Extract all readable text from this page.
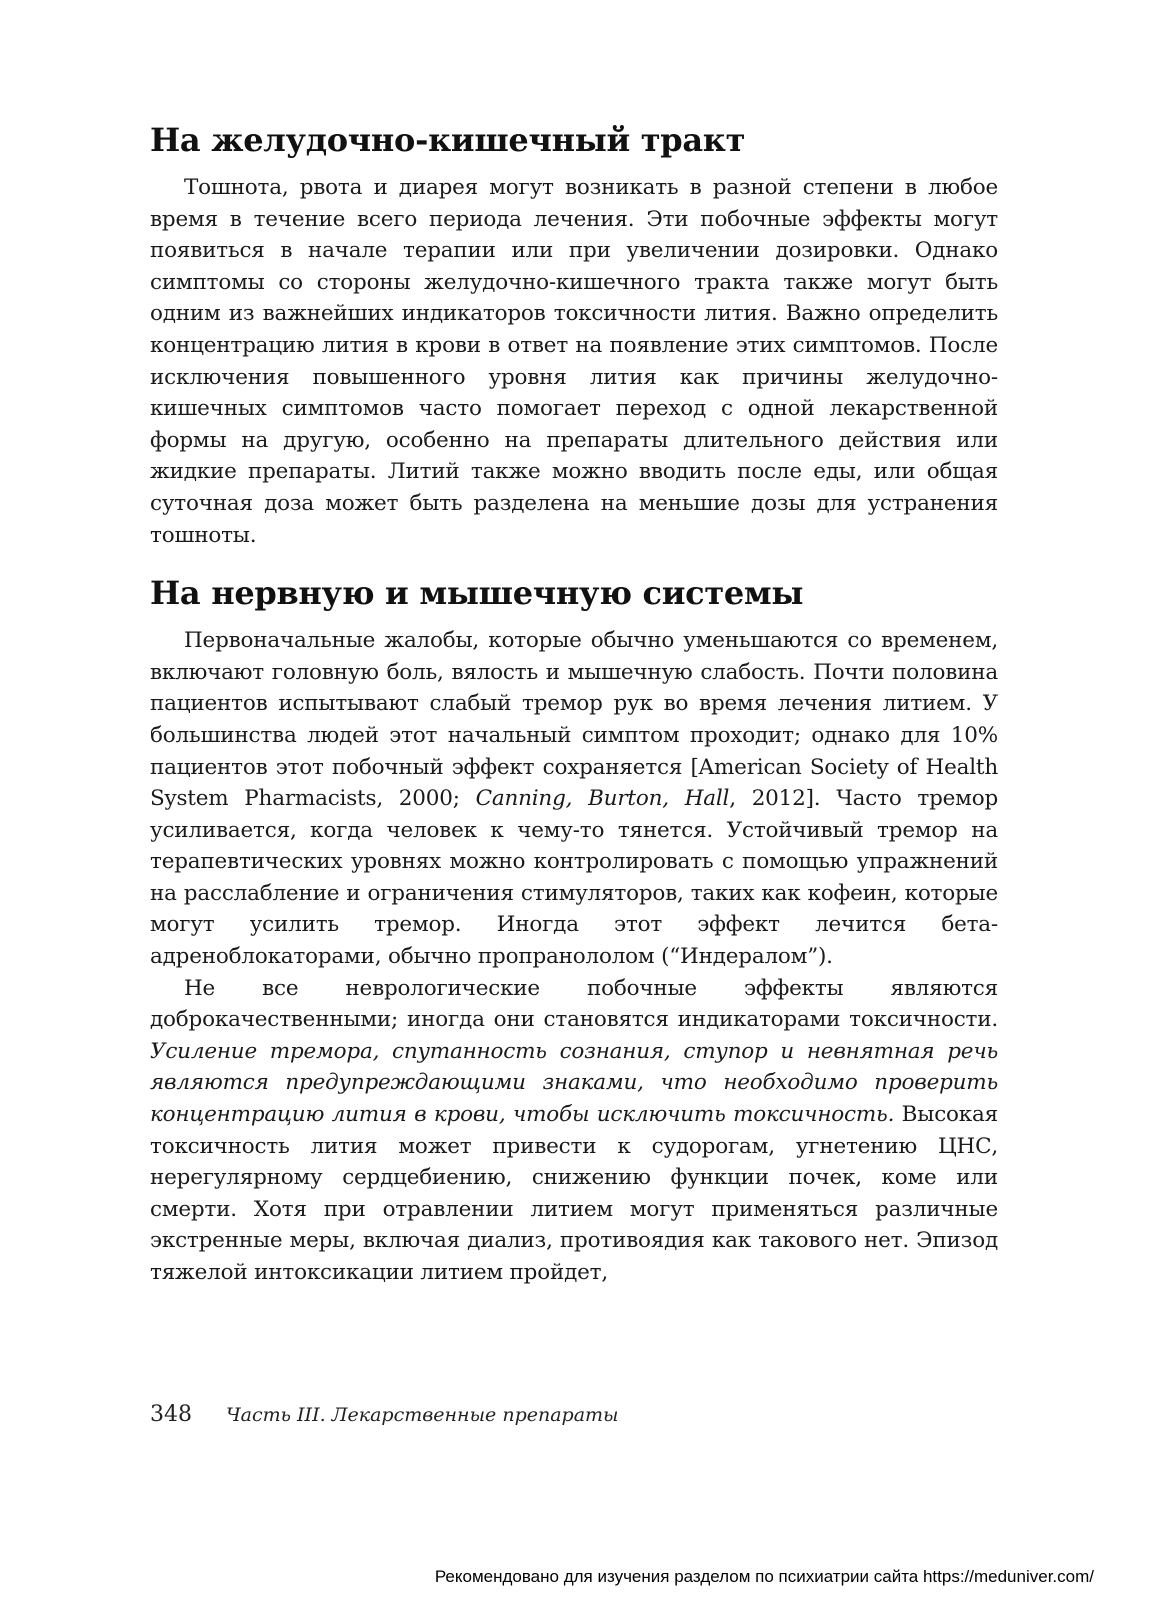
На желудочно-кишечный тракт

Тошнота, рвота и диарея могут возникать в разной степени в любое время в течение всего периода лечения. Эти побочные эффекты могут появиться в начале терапии или при увеличении дозировки. Однако симптомы со стороны желудочно-кишечного тракта также могут быть одним из важнейших индикаторов токсичности лития. Важно определить концентрацию лития в крови в ответ на появление этих симптомов. После исключения повышенного уровня лития как причины желудочно-кишечных симптомов часто помогает переход с одной лекарственной формы на другую, особенно на препараты длительного действия или жидкие препараты. Литий также можно вводить после еды, или общая суточная доза может быть разделена на меньшие дозы для устранения тошноты.

На нервную и мышечную системы

Первоначальные жалобы, которые обычно уменьшаются со временем, включают головную боль, вялость и мышечную слабость. Почти половина пациентов испытывают слабый тремор рук во время лечения литием. У большинства людей этот начальный симптом проходит; однако для 10% пациентов этот побочный эффект сохраняется [American Society of Health System Pharmacists, 2000; Canning, Burton, Hall, 2012]. Часто тремор усиливается, когда человек к чему-то тянется. Устойчивый тремор на терапевтических уровнях можно контролировать с помощью упражнений на расслабление и ограничения стимуляторов, таких как кофеин, которые могут усилить тремор. Иногда этот эффект лечится бета-адреноблокаторами, обычно пропранололом (“Индералом”).

Не все неврологические побочные эффекты являются доброкачественными; иногда они становятся индикаторами токсичности. Усиление тремора, спутанность сознания, ступор и невнятная речь являются предупреждающими знаками, что необходимо проверить концентрацию лития в крови, чтобы исключить токсичность. Высокая токсичность лития может привести к судорогам, угнетению ЦНС, нерегулярному сердцебиению, снижению функции почек, коме или смерти. Хотя при отравлении литием могут применяться различные экстренные меры, включая диализ, противоядия как такового нет. Эпизод тяжелой интоксикации литием пройдет,

348 Часть III. Лекарственные препараты
Рекомендовано для изучения разделом по психиатрии сайта https://meduniver.com/
